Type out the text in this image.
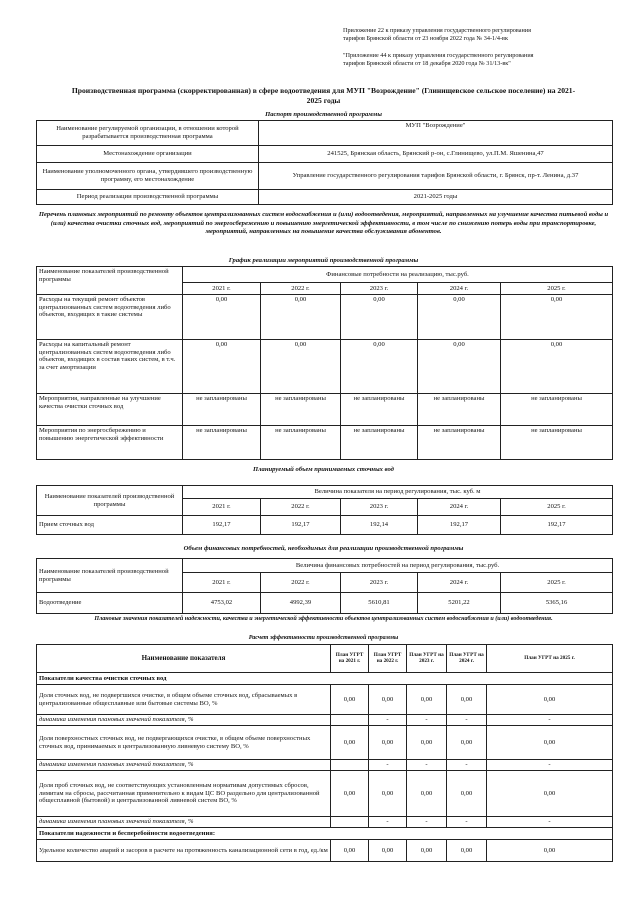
Приложение 22 к приказу управления государственного регулирования
тарифов Брянской области от 23 ноября 2022 года № 34-1/4-вк
"Приложение 44 к приказу управления государственного регулирования
тарифов Брянской области от 18 декабря 2020 года № 31/13-вк"
Производственная программа (скорректированная) в сфере водоотведения для МУП "Возрождение" (Глинищевское сельское поселение) на 2021-
2025 годы
Паспорт производственной программы
Наименование регулируемой организации, в отношении которой разрабатывается производственная программа	МУП "Возрождение"
Местонахождение организации	241525, Брянская область, Брянский р-он, с.Глинищево, ул.П.М. Яшенина,47
Наименование уполномоченного органа, утвердившего производственную программу, его местонахождение	Управление государственного регулирования тарифов Брянской области, г. Брянск, пр-т. Ленина, д.37
Период реализации производственной программы	2021-2025 годы
Перечень плановых мероприятий по ремонту объектов централизованных систем водоснабжения и (или) водоотведения, мероприятий, направленных на улучшение качества питьевой воды и (или) качества очистки сточных вод, мероприятий по энергосбережению и повышению энергетической эффективности, в том числе по снижению потерь воды при транспортировке, мероприятий, направленных на повышение качества обслуживания абонентов.
График реализации мероприятий производственной программы
Наименование показателей производственной программы	Финансовые потребности на реализацию, тыс.руб.				
	2021 г.	2022 г.	2023 г.	2024 г.	2025 г.
Расходы на текущий ремонт объектов централизованных систем водоотведения либо объектов, входящих в такие системы	0,00	0,00	0,00	0,00	0,00
Расходы на капитальный ремонт централизованных систем водоотведения либо объектов, входящих в состав таких систем, в т.ч. за счет амортизации	0,00	0,00	0,00	0,00	0,00
Мероприятия, направленные на улучшение качества очистки сточных вод	не запланированы	не запланированы	не запланированы	не запланированы	не запланированы
Мероприятия по энергосбережению и повышению энергетической эффективности	не запланированы	не запланированы	не запланированы	не запланированы	не запланированы
Планируемый объем принимаемых сточных вод
Наименование показателей производственной программы	Величина показателя на период регулирования, тыс. куб. м				
	2021 г.	2022 г.	2023 г.	2024 г.	2025 г.
Прием сточных вод	192,17	192,17	192,14	192,17	192,17
Объем финансовых потребностей, необходимых для реализации производственной программы
Наименование показателей производственной программы	Величина финансовых потребностей на период регулирования, тыс.руб.				
	2021 г.	2022 г.	2023 г.	2024 г.	2025 г.
Водоотведение	4753,02	4992,39	5610,81	5201,22	5365,16
Плановые значения показателей надежности, качества и энергетической эффективности объектов централизованных систем водоснабжения и (или) водоотведения.
Расчет эффективности производственной программы
Наименование показателя	План УГРТ на 2021 г.	План УГРТ на 2022 г.	План УГРТ на 2023 г.	План УГРТ на 2024 г.	План УГРТ на 2025 г.
Показатели качества очистки сточных вод					
Доля сточных вод, не подвергшихся очистке, в общем объеме сточных вод, сбрасываемых в централизованные общесплавные или бытовые системы ВО, %	0,00	0,00	0,00	0,00	0,00
динамика изменения плановых значений показателя, %		-	-	-	-
Доля поверхностных сточных вод, не подвергающихся очистке, в общем объеме поверхностных сточных вод, принимаемых в централизованную ливневую систему ВО, %	0,00	0,00	0,00	0,00	0,00
динамика изменения плановых значений показателя, %		-	-	-	-
Доля проб сточных вод, не соответствующих установленным нормативам допустимых сбросов, лимитам на сбросы, рассчитанная применительно к видам ЦС ВО раздельно для централизованной общесплавной (бытовой) и централизованной ливневой систем ВО, %	0,00	0,00	0,00	0,00	0,00
динамика изменения плановых значений показателя, %		-	-	-	-
Показатели надежности и бесперебойности водоотведения:					
Удельное количество аварий и засоров в расчете на протяженность канализационной сети в год, ед./км	0,00	0,00	0,00	0,00	0,00
